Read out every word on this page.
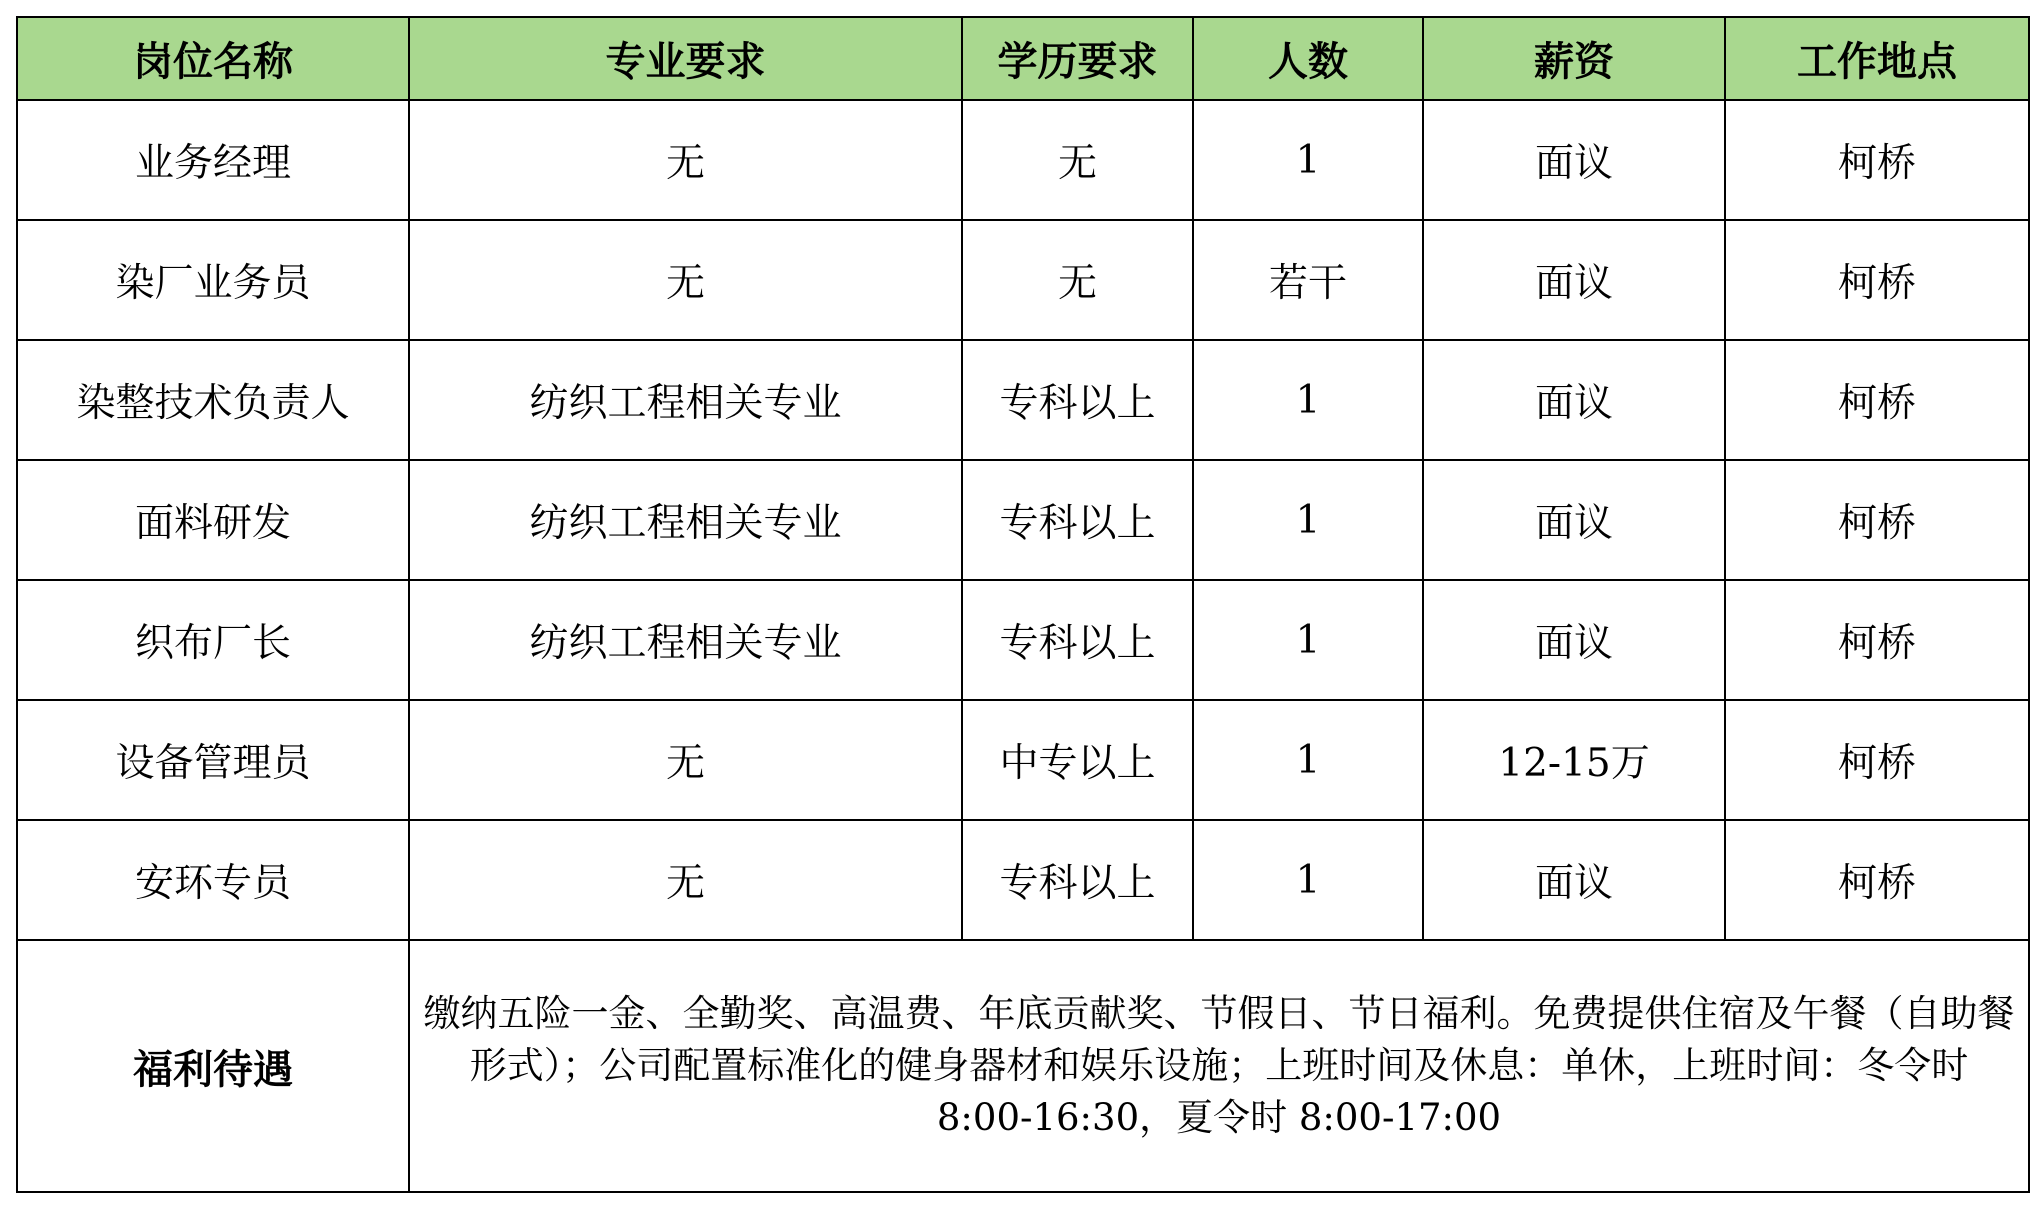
岗位名称	专业要求	学历要求	人数	薪资	工作地点
业务经理	无	无	1	面议	柯桥
染厂业务员	无	无	若干	面议	柯桥
染整技术负责人	纺织工程相关专业	专科以上	1	面议	柯桥
面料研发	纺织工程相关专业	专科以上	1	面议	柯桥
织布厂长	纺织工程相关专业	专科以上	1	面议	柯桥
设备管理员	无	中专以上	1	12-15万	柯桥
安环专员	无	专科以上	1	面议	柯桥
福利待遇	缴纳五险一金、全勤奖、高温费、年底贡献奖、节假日、节日福利。免费提供住宿及午餐（自助餐形式）；公司配置标准化的健身器材和娱乐设施；上班时间及休息：单休，上班时间：冬令时 8:00-16:30，夏令时 8:00-17:00				
